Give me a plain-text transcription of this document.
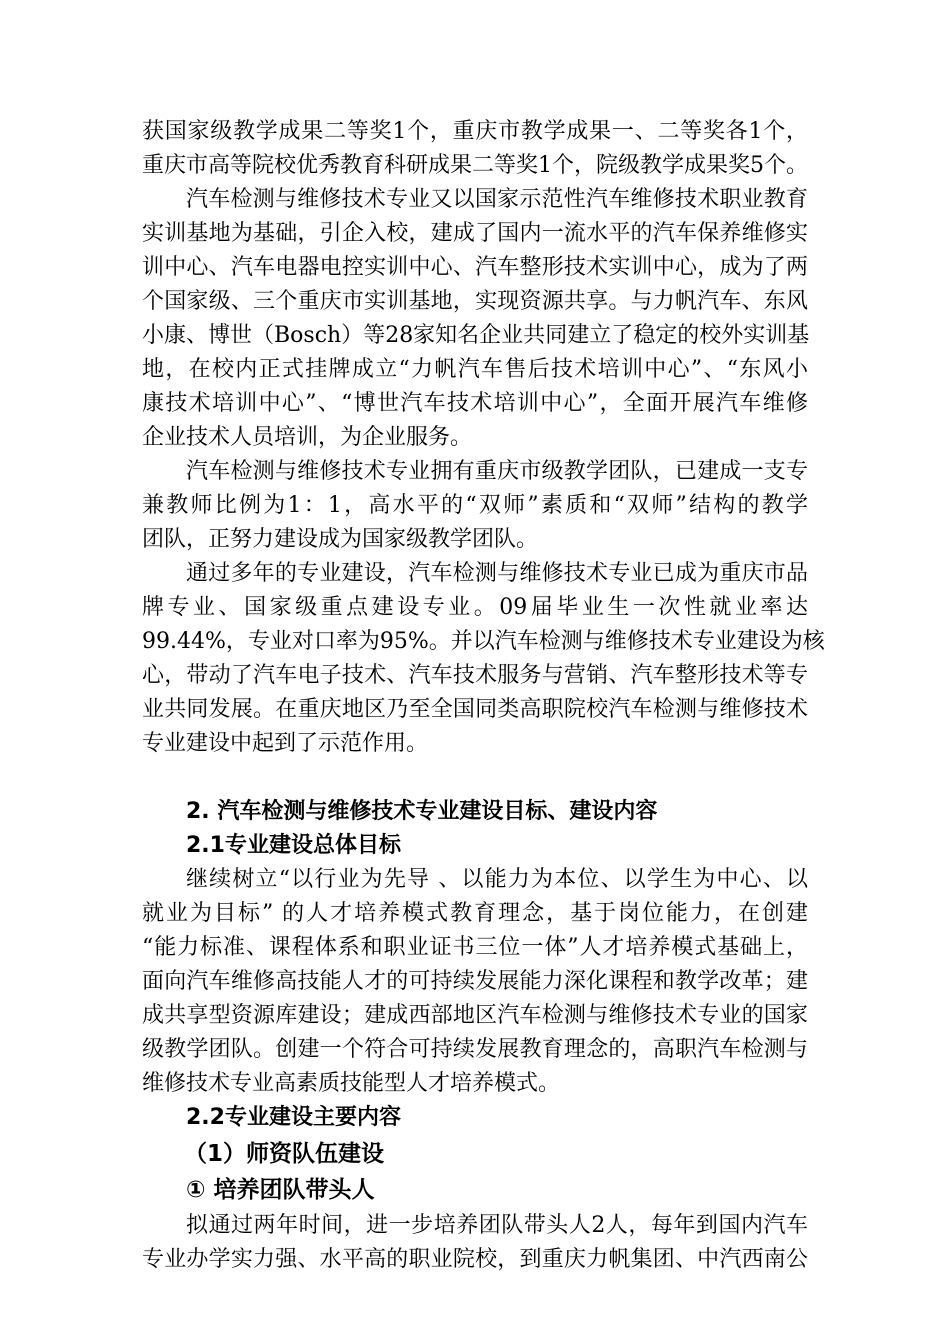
获国家级教学成果二等奖1个，重庆市教学成果一、二等奖各1个，
重庆市高等院校优秀教育科研成果二等奖1个，院级教学成果奖5个。
汽车检测与维修技术专业又以国家示范性汽车维修技术职业教育
实训基地为基础，引企入校，建成了国内一流水平的汽车保养维修实
训中心、汽车电器电控实训中心、汽车整形技术实训中心，成为了两
个国家级、三个重庆市实训基地，实现资源共享。与力帆汽车、东风
小康、博世（Bosch）等28家知名企业共同建立了稳定的校外实训基
地，在校内正式挂牌成立“力帆汽车售后技术培训中心”、“东风小
康技术培训中心”、“博世汽车技术培训中心”，全面开展汽车维修
企业技术人员培训，为企业服务。
汽车检测与维修技术专业拥有重庆市级教学团队，已建成一支专
兼教师比例为1：1，高水平的“双师”素质和“双师”结构的教学
团队，正努力建设成为国家级教学团队。
通过多年的专业建设，汽车检测与维修技术专业已成为重庆市品
牌专业、国家级重点建设专业。09届毕业生一次性就业率达
99.44%，专业对口率为95%。并以汽车检测与维修技术专业建设为核
心，带动了汽车电子技术、汽车技术服务与营销、汽车整形技术等专
业共同发展。在重庆地区乃至全国同类高职院校汽车检测与维修技术
专业建设中起到了示范作用。
2. 汽车检测与维修技术专业建设目标、建设内容
2.1专业建设总体目标
继续树立“以行业为先导 、以能力为本位、以学生为中心、以
就业为目标” 的人才培养模式教育理念，基于岗位能力，在创建
“能力标准、课程体系和职业证书三位一体”人才培养模式基础上，
面向汽车维修高技能人才的可持续发展能力深化课程和教学改革；建
成共享型资源库建设；建成西部地区汽车检测与维修技术专业的国家
级教学团队。创建一个符合可持续发展教育理念的，高职汽车检测与
维修技术专业高素质技能型人才培养模式。
2.2专业建设主要内容
（1）师资队伍建设
① 培养团队带头人
拟通过两年时间，进一步培养团队带头人2人，每年到国内汽车
专业办学实力强、水平高的职业院校，到重庆力帆集团、中汽西南公
